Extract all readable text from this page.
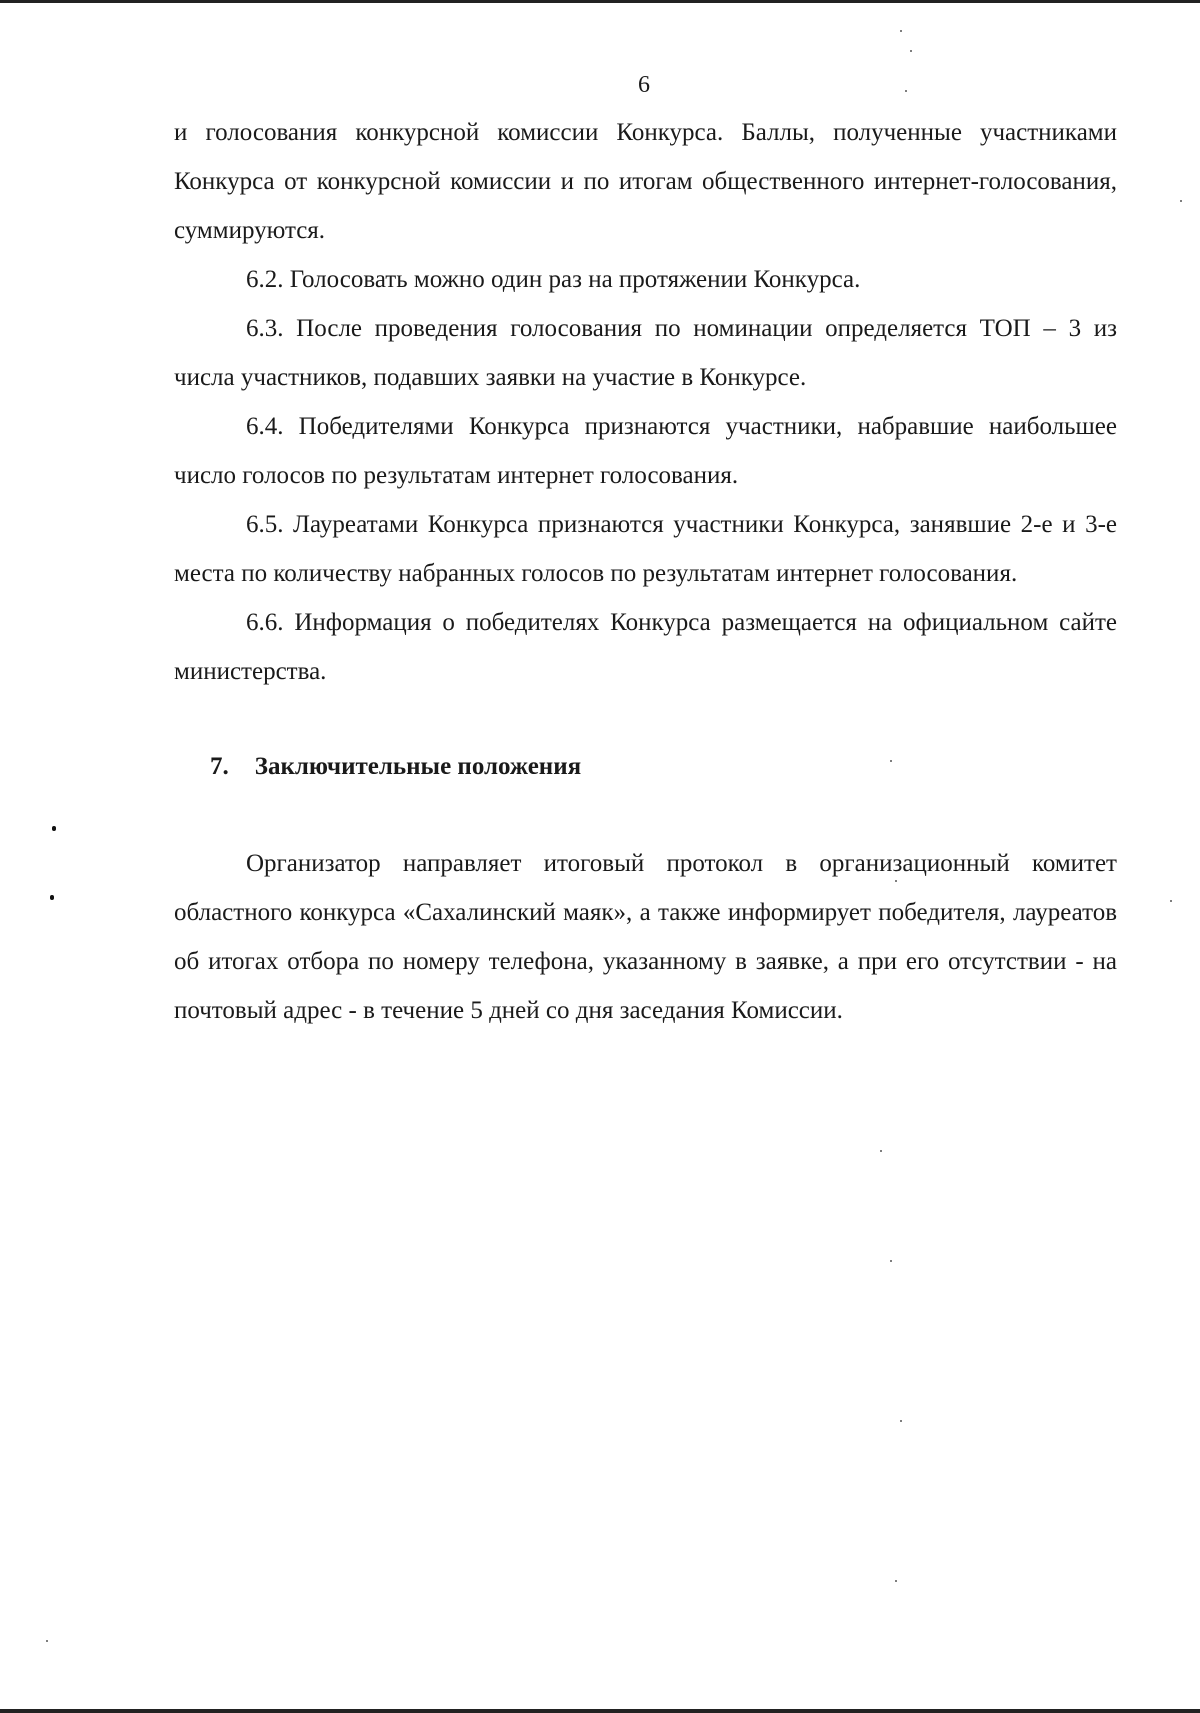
6

и голосования конкурсной комиссии Конкурса. Баллы, полученные участниками Конкурса от конкурсной комиссии и по итогам общественного интернет-голосования, суммируются.

6.2. Голосовать можно один раз на протяжении Конкурса.

6.3. После проведения голосования по номинации определяется ТОП – 3 из числа участников, подавших заявки на участие в Конкурсе.

6.4. Победителями Конкурса признаются участники, набравшие наибольшее число голосов по результатам интернет голосования.

6.5. Лауреатами Конкурса признаются участники Конкурса, занявшие 2-е и 3-е места по количеству набранных голосов по результатам интернет голосования.

6.6. Информация о победителях Конкурса размещается на официальном сайте министерства.

7. Заключительные положения

Организатор направляет итоговый протокол в организационный комитет областного конкурса «Сахалинский маяк», а также информирует победителя, лауреатов об итогах отбора по номеру телефона, указанному в заявке, а при его отсутствии - на почтовый адрес - в течение 5 дней со дня заседания Комиссии.
